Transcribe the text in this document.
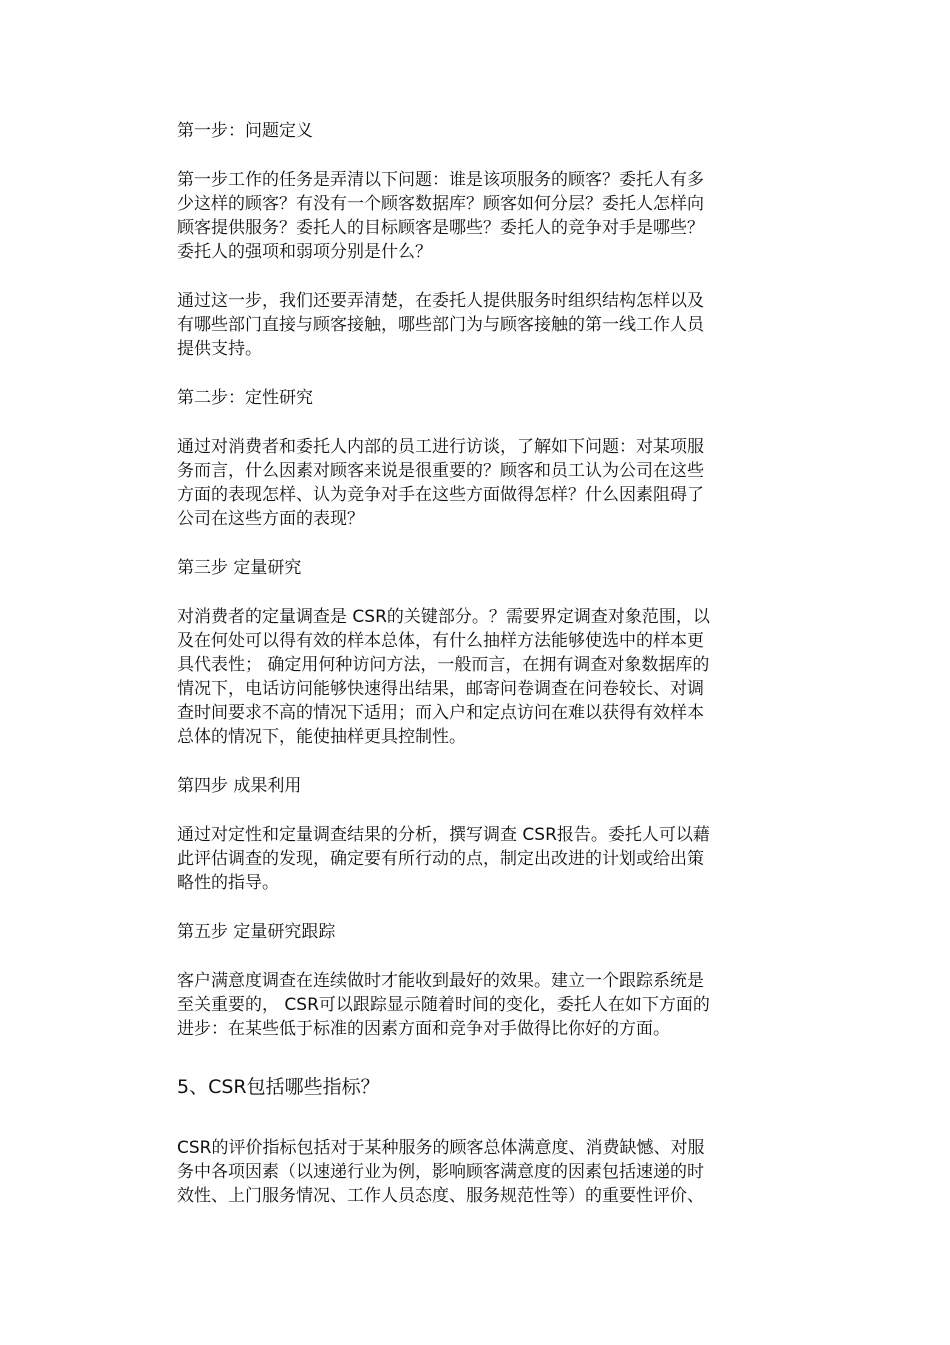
第一步：问题定义

第一步工作的任务是弄清以下问题：谁是该项服务的顾客？委托人有多

少这样的顾客？有没有一个顾客数据库？顾客如何分层？委托人怎样向

顾客提供服务？委托人的目标顾客是哪些？委托人的竞争对手是哪些？

委托人的强项和弱项分别是什么？

通过这一步，我们还要弄清楚，在委托人提供服务时组织结构怎样以及

有哪些部门直接与顾客接触，哪些部门为与顾客接触的第一线工作人员

提供支持。

第二步：定性研究

通过对消费者和委托人内部的员工进行访谈，了解如下问题：对某项服

务而言，什么因素对顾客来说是很重要的？顾客和员工认为公司在这些

方面的表现怎样、认为竞争对手在这些方面做得怎样？什么因素阻碍了

公司在这些方面的表现？

第三步 定量研究

对消费者的定量调查是 CSR的关键部分。？需要界定调查对象范围，以

及在何处可以得有效的样本总体，有什么抽样方法能够使选中的样本更

具代表性； 确定用何种访问方法，一般而言，在拥有调查对象数据库的

情况下，电话访问能够快速得出结果，邮寄问卷调查在问卷较长、对调

查时间要求不高的情况下适用；而入户和定点访问在难以获得有效样本

总体的情况下，能使抽样更具控制性。

第四步 成果利用

通过对定性和定量调查结果的分析，撰写调查 CSR报告。委托人可以藉

此评估调查的发现，确定要有所行动的点，制定出改进的计划或给出策

略性的指导。

第五步 定量研究跟踪

客户满意度调查在连续做时才能收到最好的效果。建立一个跟踪系统是

至关重要的， CSR可以跟踪显示随着时间的变化，委托人在如下方面的

进步：在某些低于标准的因素方面和竞争对手做得比你好的方面。

5、CSR包括哪些指标？

CSR的评价指标包括对于某种服务的顾客总体满意度、消费缺憾、对服

务中各项因素（以速递行业为例，影响顾客满意度的因素包括速递的时

效性、上门服务情况、工作人员态度、服务规范性等）的重要性评价、
